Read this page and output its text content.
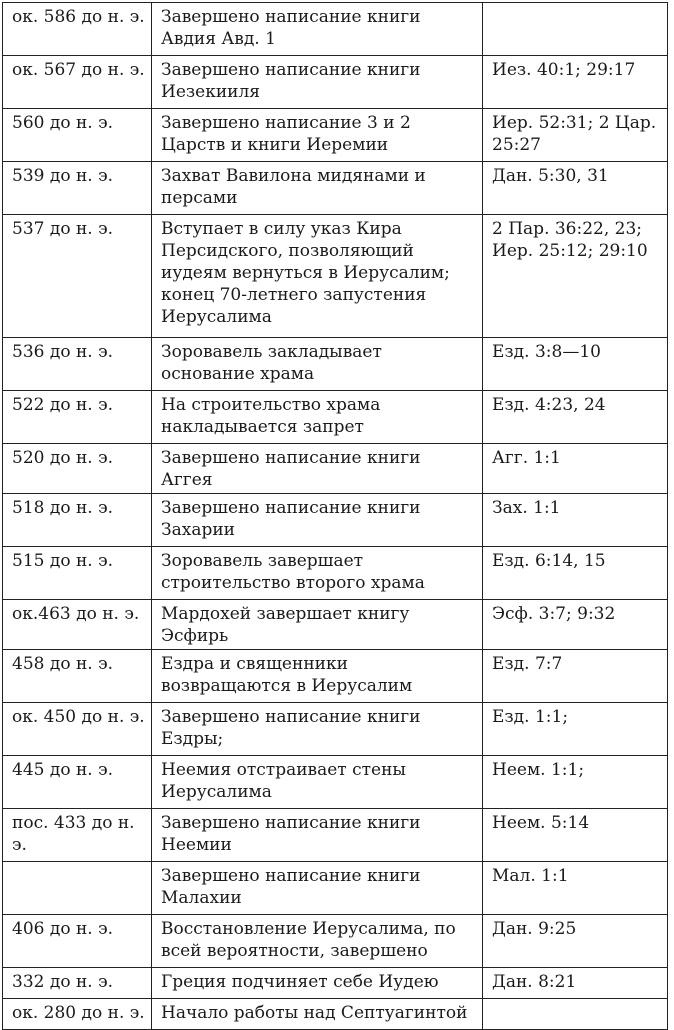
ок. 586 до н. э.	Завершено написание книги Авдия Авд. 1	
ок. 567 до н. э.	Завершено написание книги Иезекииля	Иез. 40:1; 29:17
560 до н. э.	Завершено написание 3 и 2 Царств и книги Иеремии	Иер. 52:31; 2 Цар. 25:27
539 до н. э.	Захват Вавилона мидянами и персами	Дан. 5:30, 31
537 до н. э.	Вступает в силу указ Кира Персидского, позволяющий иудеям вернуться в Иерусалим; конец 70-летнего запустения Иерусалима	2 Пар. 36:22, 23; Иер. 25:12; 29:10
536 до н. э.	Зоровавель закладывает основание храма	Езд. 3:8—10
522 до н. э.	На строительство храма накладывается запрет	Езд. 4:23, 24
520 до н. э.	Завершено написание книги Аггея	Агг. 1:1
518 до н. э.	Завершено написание книги Захарии	Зах. 1:1
515 до н. э.	Зоровавель завершает строительство второго храма	Езд. 6:14, 15
ок.463 до н. э.	Мардохей завершает книгу Эсфирь	Эсф. 3:7; 9:32
458 до н. э.	Ездра и священники возвращаются в Иерусалим	Езд. 7:7
ок. 450 до н. э.	Завершено написание книги Ездры;	Езд. 1:1;
445 до н. э.	Неемия отстраивает стены Иерусалима	Неем. 1:1;
пос. 433 до н. э.	Завершено написание книги Неемии	Неем. 5:14
	Завершено написание книги Малахии	Мал. 1:1
406 до н. э.	Восстановление Иерусалима, по всей вероятности, завершено	Дан. 9:25
332 до н. э.	Греция подчиняет себе Иудею	Дан. 8:21
ок. 280 до н. э.	Начало работы над Септуагинтой	
